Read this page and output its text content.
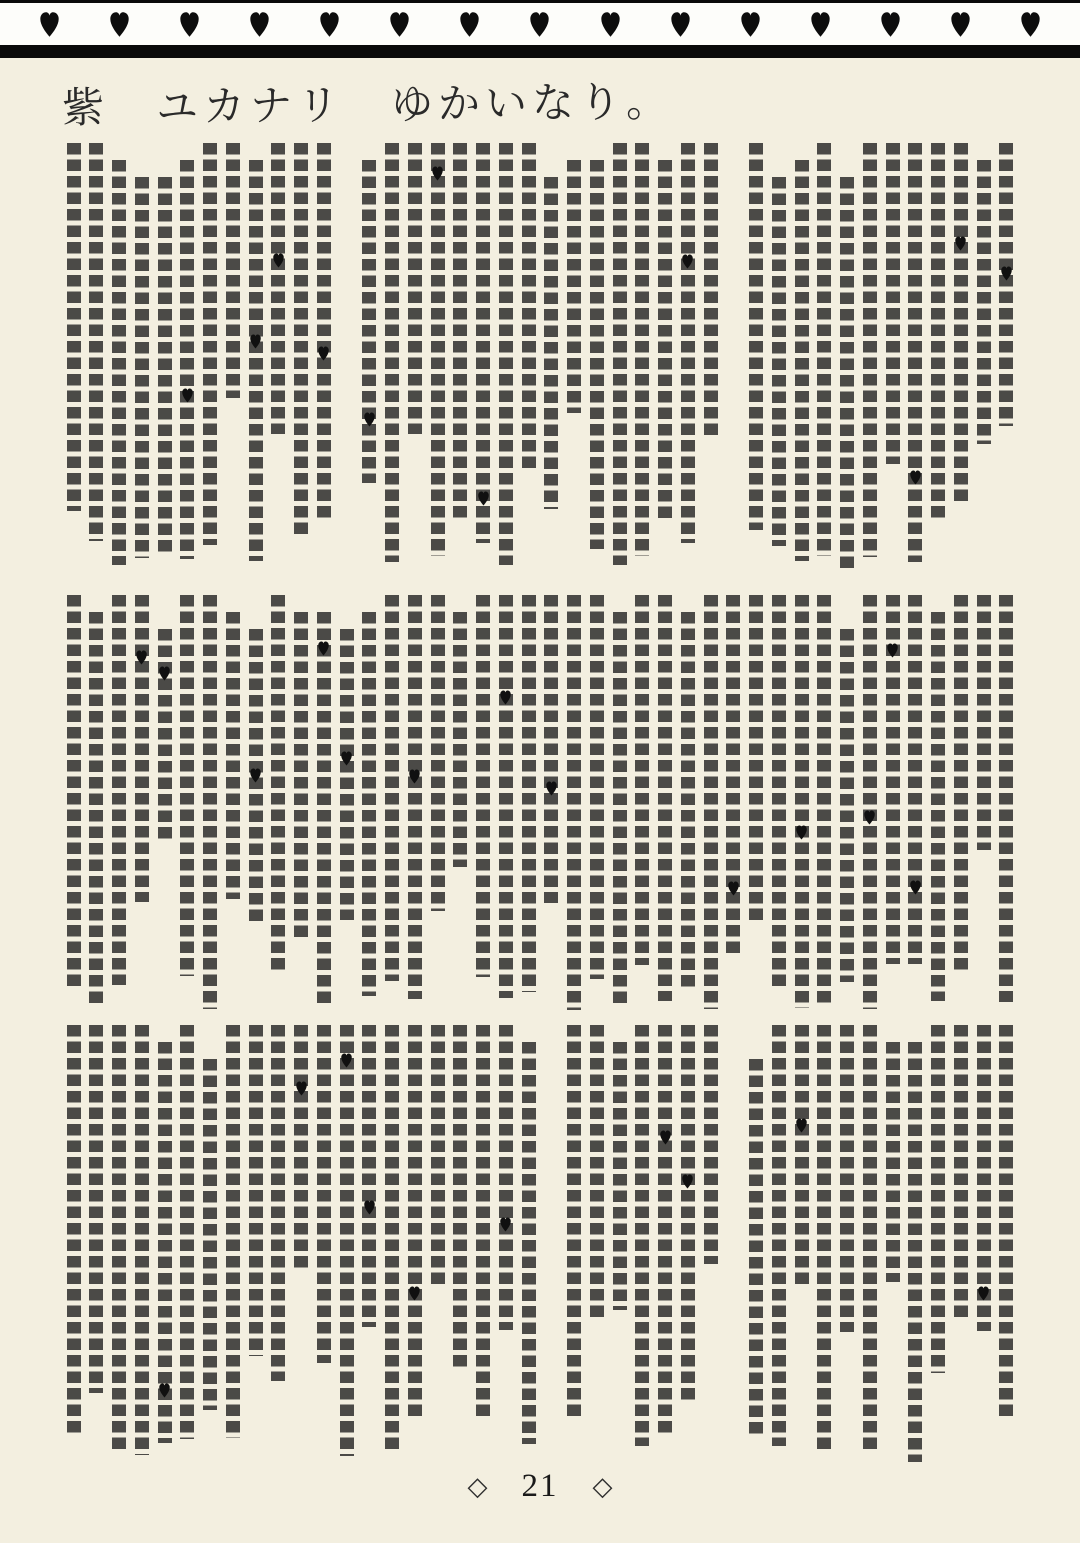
紫　ユカナリ　ゆかいなり。
◇ 21 ◇
